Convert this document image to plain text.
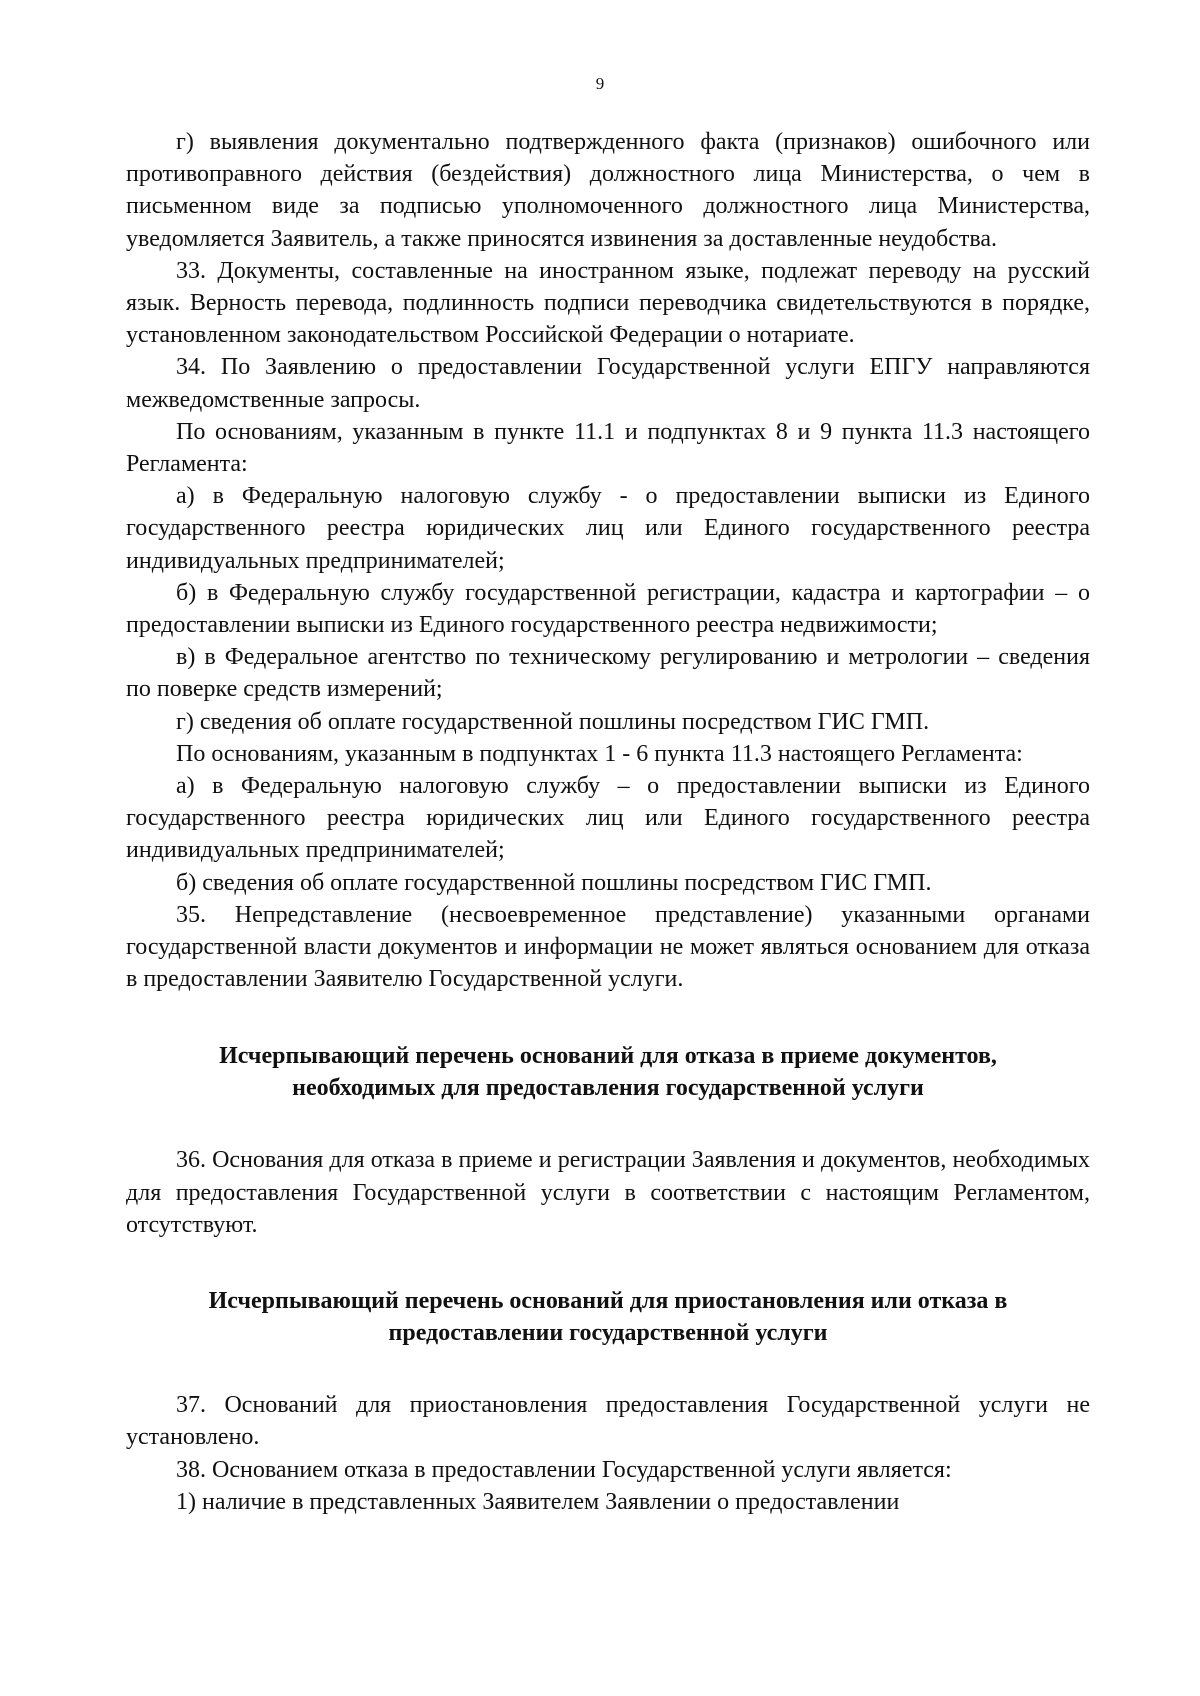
9

г) выявления документально подтвержденного факта (признаков) ошибочного или противоправного действия (бездействия) должностного лица Министерства, о чем в письменном виде за подписью уполномоченного должностного лица Министерства, уведомляется Заявитель, а также приносятся извинения за доставленные неудобства.

33. Документы, составленные на иностранном языке, подлежат переводу на русский язык. Верность перевода, подлинность подписи переводчика свидетельствуются в порядке, установленном законодательством Российской Федерации о нотариате.

34. По Заявлению о предоставлении Государственной услуги ЕПГУ направляются межведомственные запросы.

По основаниям, указанным в пункте 11.1 и подпунктах 8 и 9 пункта 11.3 настоящего Регламента:

а) в Федеральную налоговую службу - о предоставлении выписки из Единого государственного реестра юридических лиц или Единого государственного реестра индивидуальных предпринимателей;

б) в Федеральную службу государственной регистрации, кадастра и картографии – о предоставлении выписки из Единого государственного реестра недвижимости;

в) в Федеральное агентство по техническому регулированию и метрологии – сведения по поверке средств измерений;

г) сведения об оплате государственной пошлины посредством ГИС ГМП.

По основаниям, указанным в подпунктах 1 - 6 пункта 11.3 настоящего Регламента:

а) в Федеральную налоговую службу – о предоставлении выписки из Единого государственного реестра юридических лиц или Единого государственного реестра индивидуальных предпринимателей;

б) сведения об оплате государственной пошлины посредством ГИС ГМП.

35. Непредставление (несвоевременное представление) указанными органами государственной власти документов и информации не может являться основанием для отказа в предоставлении Заявителю Государственной услуги.

Исчерпывающий перечень оснований для отказа в приеме документов, необходимых для предоставления государственной услуги

36. Основания для отказа в приеме и регистрации Заявления и документов, необходимых для предоставления Государственной услуги в соответствии с настоящим Регламентом, отсутствуют.

Исчерпывающий перечень оснований для приостановления или отказа в предоставлении государственной услуги

37. Оснований для приостановления предоставления Государственной услуги не установлено.

38. Основанием отказа в предоставлении Государственной услуги является:

1) наличие в представленных Заявителем Заявлении о предоставлении
